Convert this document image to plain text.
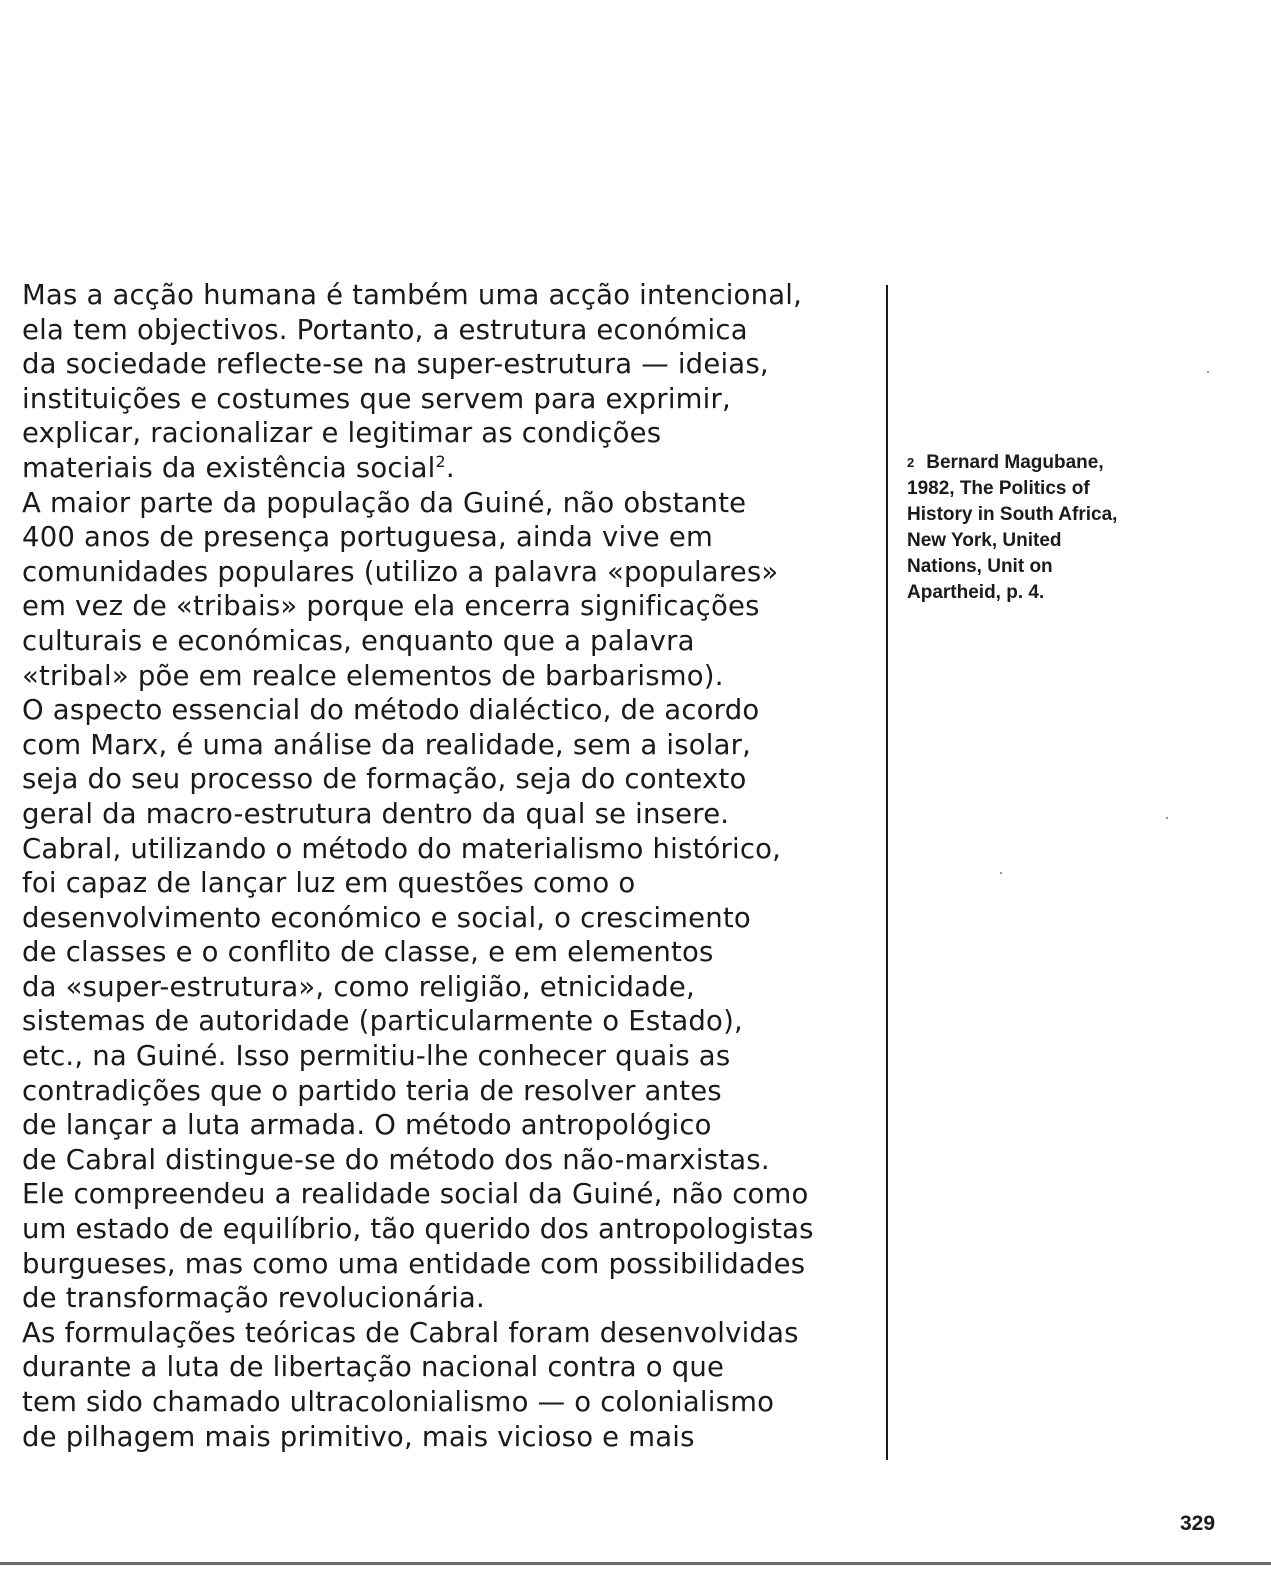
Mas a acção humana é também uma acção intencional,
ela tem objectivos. Portanto, a estrutura económica
da sociedade reflecte-se na super-estrutura — ideias,
instituições e costumes que servem para exprimir,
explicar, racionalizar e legitimar as condições
materiais da existência social$^2$.
A maior parte da população da Guiné, não obstante
400 anos de presença portuguesa, ainda vive em
comunidades populares (utilizo a palavra «populares»
em vez de «tribais» porque ela encerra significações
culturais e económicas, enquanto que a palavra
«tribal» põe em realce elementos de barbarismo).
O aspecto essencial do método dialéctico, de acordo
com Marx, é uma análise da realidade, sem a isolar,
seja do seu processo de formação, seja do contexto
geral da macro-estrutura dentro da qual se insere.
Cabral, utilizando o método do materialismo histórico,
foi capaz de lançar luz em questões como o
desenvolvimento económico e social, o crescimento
de classes e o conflito de classe, e em elementos
da «super-estrutura», como religião, etnicidade,
sistemas de autoridade (particularmente o Estado),
etc., na Guiné. Isso permitiu-lhe conhecer quais as
contradições que o partido teria de resolver antes
de lançar a luta armada. O método antropológico
de Cabral distingue-se do método dos não-marxistas.
Ele compreendeu a realidade social da Guiné, não como
um estado de equilíbrio, tão querido dos antropologistas
burgueses, mas como uma entidade com possibilidades
de transformação revolucionária.
As formulações teóricas de Cabral foram desenvolvidas
durante a luta de libertação nacional contra o que
tem sido chamado ultracolonialismo — o colonialismo
de pilhagem mais primitivo, mais vicioso e mais
$^2$ Bernard Magubane,
1982, The Politics of
History in South Africa,
New York, United
Nations, Unit on
Apartheid, p. 4.
329
